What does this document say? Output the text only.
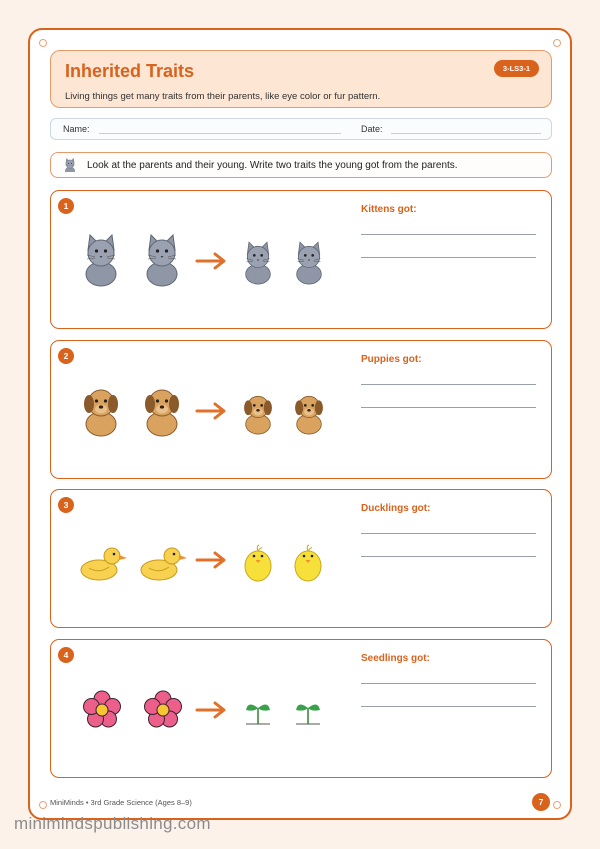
Inherited Traits
Living things get many traits from their parents, like eye color or fur pattern.
3-LS3-1
Name:	Date:
Look at the parents and their young. Write two traits the young got from the parents.
1	Kittens got:
2	Puppies got:
3	Ducklings got:
4	Seedlings got:
MiniMinds • 3rd Grade Science (Ages 8–9)	7
minimindspublishing.com
